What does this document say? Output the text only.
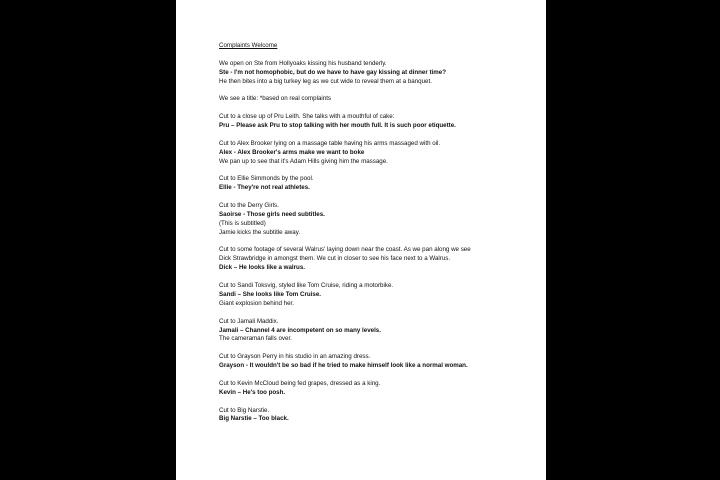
Complaints Welcome
We open on Ste from Hollyoaks kissing his husband tenderly.
Ste - I'm not homophobic, but do we have to have gay kissing at dinner time?
He then bites into a big turkey leg as we cut wide to reveal them at a banquet.
We see a title: *based on real complaints
Cut to a close up of Pru Leith. She talks with a mouthful of cake:
Pru – Please ask Pru to stop talking with her mouth full. It is such poor etiquette.
Cut to Alex Brooker lying on a massage table having his arms massaged with oil.
Alex - Alex Brooker's arms make we want to boke
We pan up to see that it's Adam Hills giving him the massage.
Cut to Ellie Simmonds by the pool.
Ellie - They're not real athletes.
Cut to the Derry Girls.
Saoirse - Those girls need subtitles.
(This is subtitled)
Jamie kicks the subtitle away.
Cut to some footage of several Walrus' laying down near the coast. As we pan along we see
Dick Strawbridge in amongst them. We cut in closer to see his face next to a Walrus.
Dick – He looks like a walrus.
Cut to Sandi Toksvig, styled like Tom Cruise, riding a motorbike.
Sandi – She looks like Tom Cruise.
Giant explosion behind her.
Cut to Jamali Maddix.
Jamali – Channel 4 are incompetent on so many levels.
The cameraman falls over.
Cut to Grayson Perry in his studio in an amazing dress.
Grayson - It wouldn't be so bad if he tried to make himself look like a normal woman.
Cut to Kevin McCloud being fed grapes, dressed as a king.
Kevin – He's too posh.
Cut to Big Narstie.
Big Narstie – Too black.
